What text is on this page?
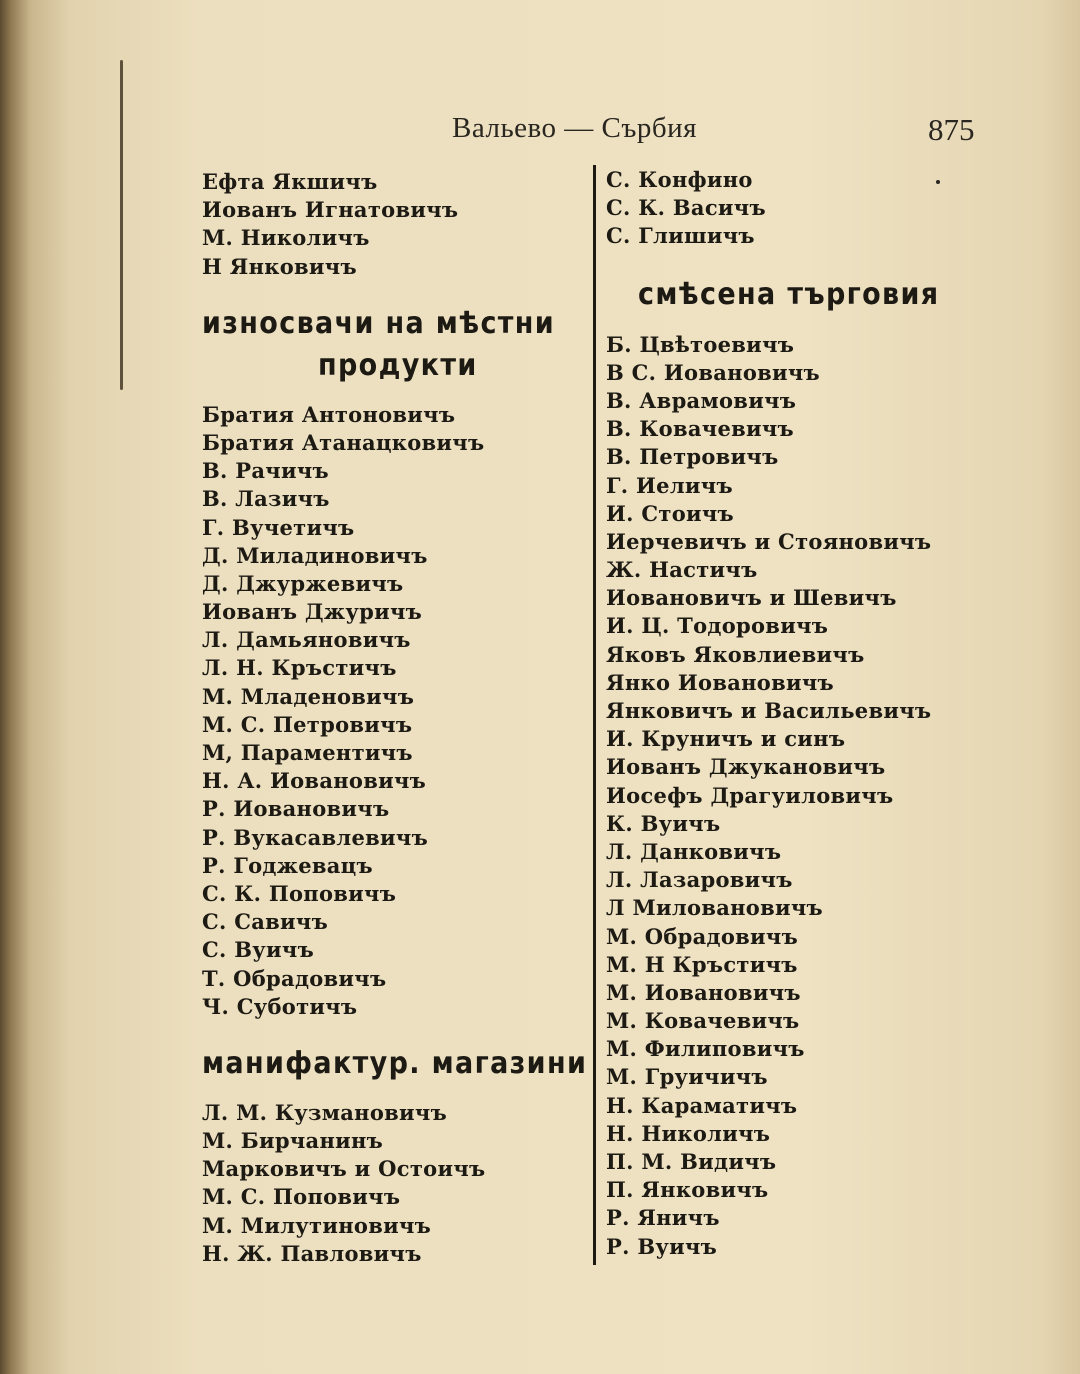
Вальево — Сърбия	875
Ефта Якшичъ
Иованъ Игнатовичъ
М. Николичъ
Н Янковичъ
износвачи на мѣстни
продукти
Братия Антоновичъ
Братия Атанацковичъ
В. Рачичъ
В. Лазичъ
Г. Вучетичъ
Д. Миладиновичъ
Д. Джуржевичъ
Иованъ Джуричъ
Л. Дамьяновичъ
Л. Н. Кръстичъ
М. Младеновичъ
М. С. Петровичъ
М, Параментичъ
Н. А. Иовановичъ
Р. Иовановичъ
Р. Вукасавлевичъ
Р. Годжевацъ
С. К. Поповичъ
С. Савичъ
С. Вуичъ
Т. Обрадовичъ
Ч. Суботичъ
манифактур. магазини
Л. М. Кузмановичъ
М. Бирчанинъ
Марковичъ и Остоичъ
М. С. Поповичъ
М. Милутиновичъ
Н. Ж. Павловичъ
С. Конфино
С. К. Васичъ
С. Глишичъ
смѣсена търговия
Б. Цвѣтоевичъ
В С. Иовановичъ
В. Аврамовичъ
В. Ковачевичъ
В. Петровичъ
Г. Иеличъ
И. Стоичъ
Иерчевичъ и Стояновичъ
Ж. Настичъ
Иовановичъ и Шевичъ
И. Ц. Тодоровичъ
Яковъ Яковлиевичъ
Янко Иовановичъ
Янковичъ и Васильевичъ
И. Круничъ и синъ
Иованъ Джукановичъ
Иосефъ Драгуиловичъ
К. Вуичъ
Л. Данковичъ
Л. Лазаровичъ
Л Миловановичъ
М. Обрадовичъ
М. Н Кръстичъ
М. Иовановичъ
М. Ковачевичъ
М. Филиповичъ
М. Груичичъ
Н. Караматичъ
Н. Николичъ
П. М. Видичъ
П. Янковичъ
Р. Яничъ
Р. Вуичъ
